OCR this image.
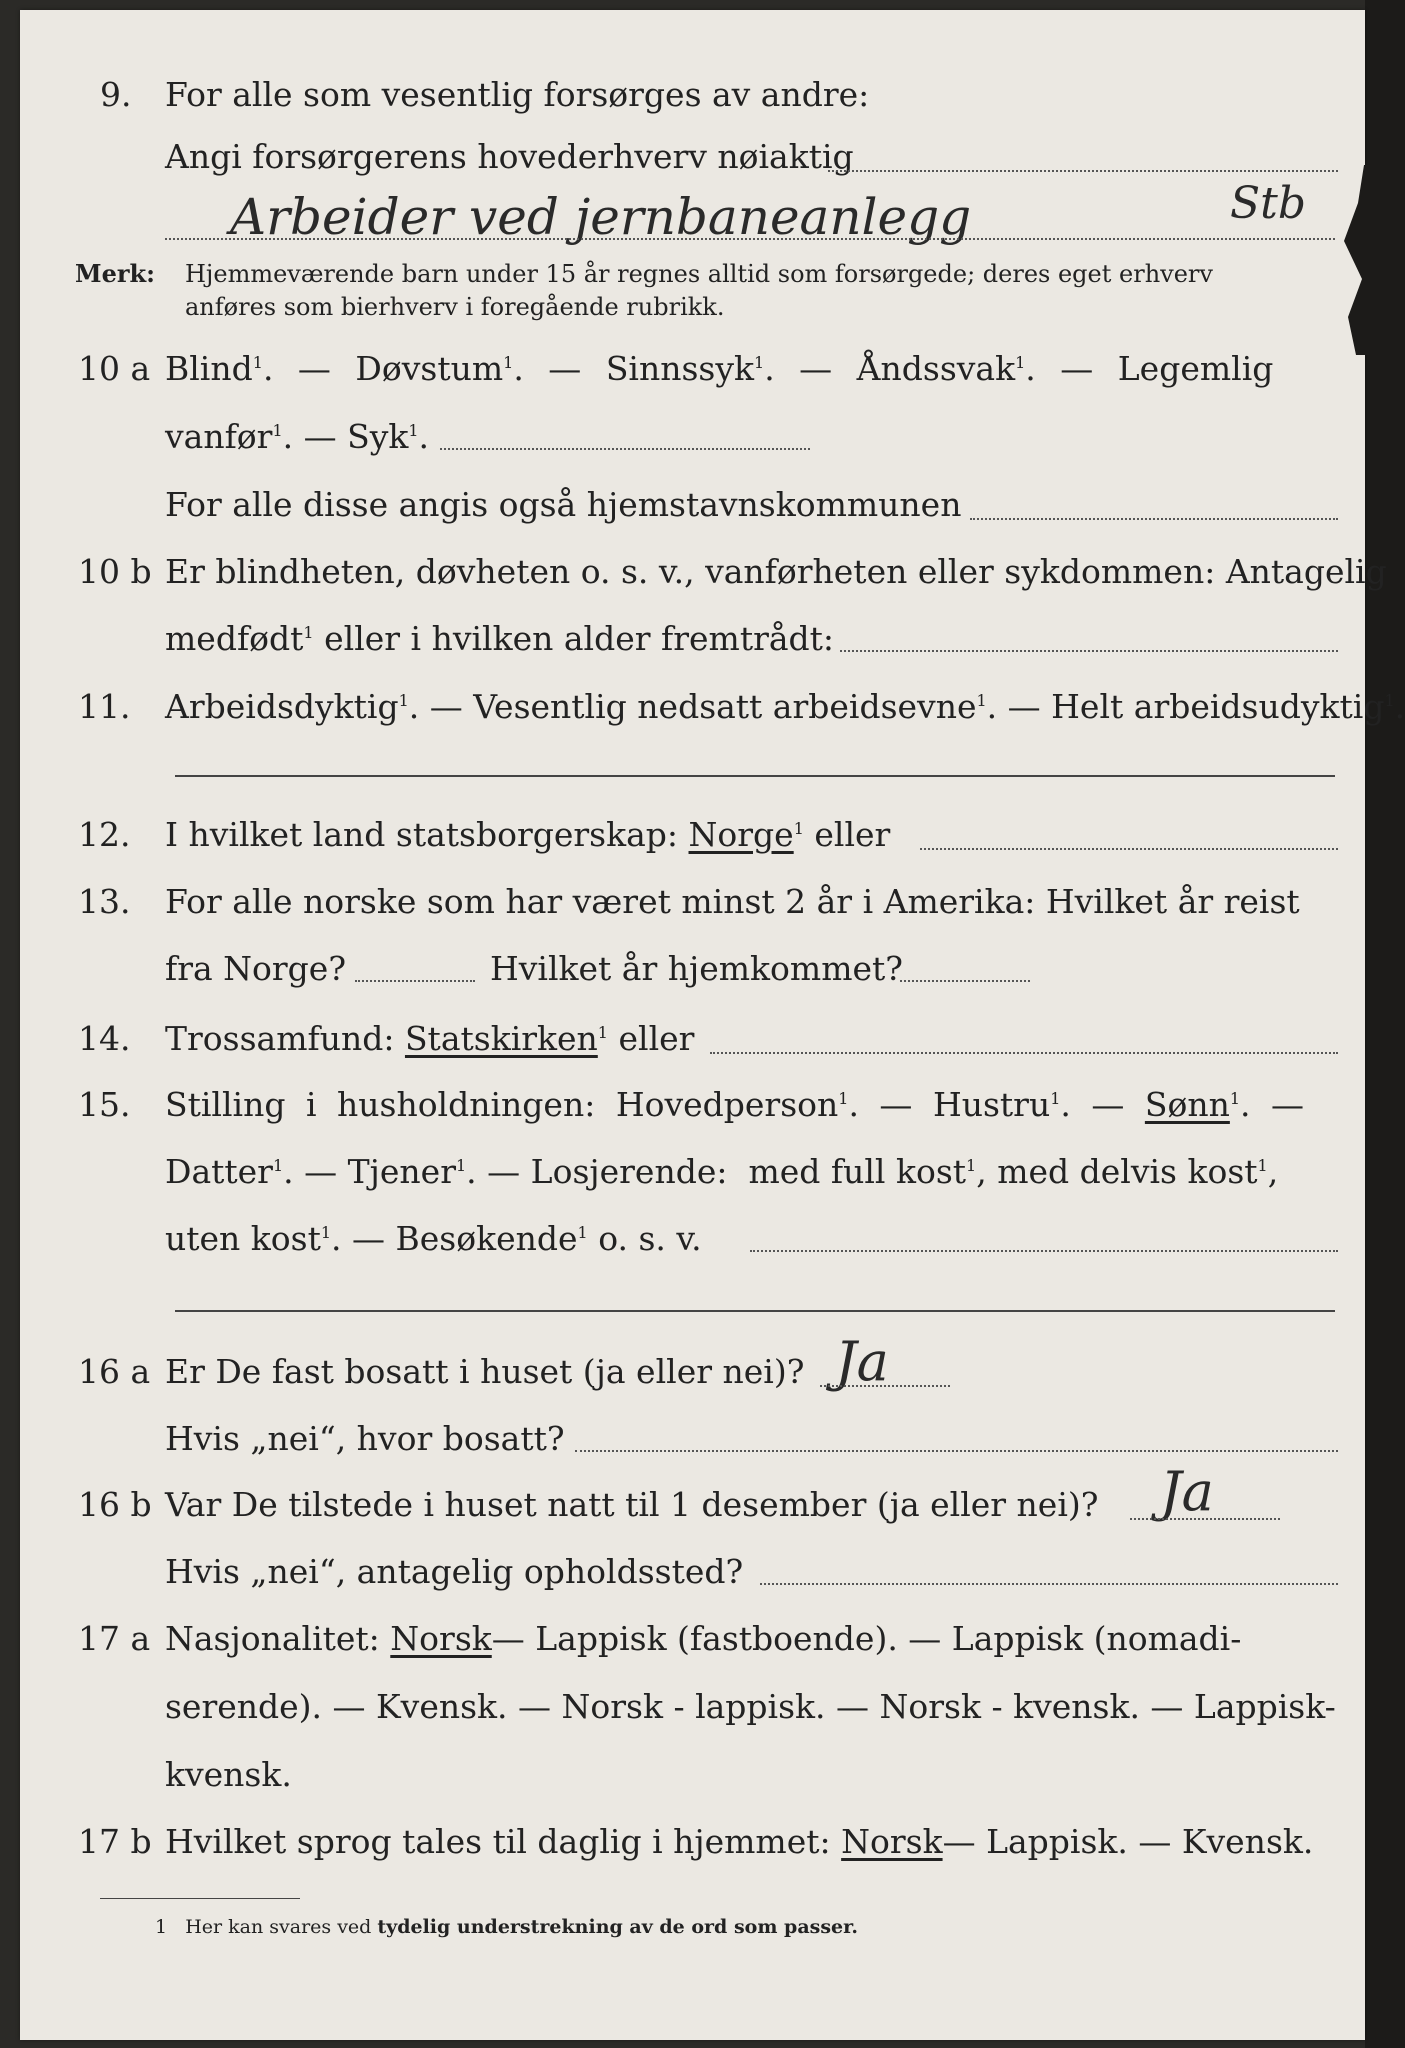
9. For alle som vesentlig forsørges av andre:
Angi forsørgerens hovederhverv nøiaktig
Arbeider ved jernbaneanlegg	Stb
Merk: Hjemmeværende barn under 15 år regnes alltid som forsørgede; deres eget erhverv
anføres som bierhverv i foregående rubrikk.
10 a Blind$^1$. — Døvstum$^1$. — Sinnssyk$^1$. — Åndssvak$^1$. — Legemlig
vanfør$^1$. — Syk$^1$.
For alle disse angis også hjemstavnskommunen
10 b Er blindheten, døvheten o. s. v., vanførheten eller sykdommen: Antagelig
medfødt$^1$ eller i hvilken alder fremtrådt:
11. Arbeidsdyktig$^1$. — Vesentlig nedsatt arbeidsevne$^1$. — Helt arbeidsudyktig$^1$.
12. I hvilket land statsborgerskap: Norge$^1$ eller
13. For alle norske som har været minst 2 år i Amerika: Hvilket år reist
fra Norge?	Hvilket år hjemkommet?
14. Trossamfund: Statskirken$^1$ eller
15. Stilling i husholdningen: Hovedperson$^1$. — Hustru$^1$. — Sønn$^1$. —
Datter$^1$. — Tjener$^1$. — Losjerende: med full kost$^1$, med delvis kost$^1$,
uten kost$^1$. — Besøkende$^1$ o. s. v.
16 a Er De fast bosatt i huset (ja eller nei)? Ja
Hvis „nei“, hvor bosatt?
16 b Var De tilstede i huset natt til 1 desember (ja eller nei)? Ja
Hvis „nei“, antagelig opholdssted?
17 a Nasjonalitet: Norsk— Lappisk (fastboende). — Lappisk (nomadi-
serende). — Kvensk. — Norsk - lappisk. — Norsk - kvensk. — Lappisk-
kvensk.
17 b Hvilket sprog tales til daglig i hjemmet: Norsk— Lappisk. — Kvensk.
1 Her kan svares ved tydelig understrekning av de ord som passer.
